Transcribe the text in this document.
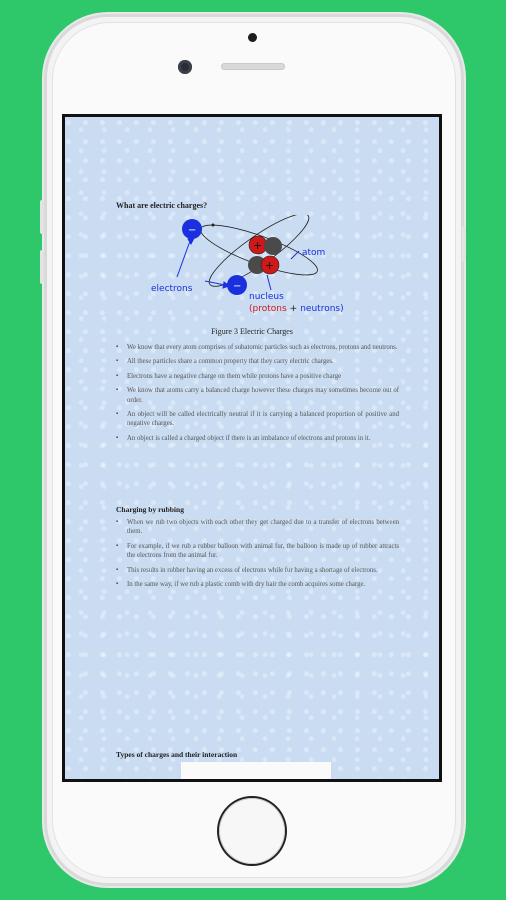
What are electric charges?
−
−
+
+
atom
electrons
nucleus
(protons + neutrons)
Figure 3 Electric Charges
▪ We know that every atom comprises of subatomic particles such as electrons, protons and neutrons.
▪ All these particles share a common property that they carry electric charges.
▪ Electrons have a negative charge on them while protons have a positive charge
▪ We know that atoms carry a balanced charge however these charges may sometimes become out of order.
▪ An object will be called electrically neutral if it is carrying a balanced proportion of positive and negative charges.
▪ An object is called a charged object if there is an imbalance of electrons and protons in it.
Charging by rubbing
▪ When we rub two objects with each other they get charged due to a transfer of electrons between them.
▪ For example, if we rub a rubber balloon with animal fur, the balloon is made up of rubber attracts the electrons from the animal fur.
▪ This results in rubber having an excess of electrons while fur having a shortage of electrons.
▪ In the same way, if we rub a plastic comb with dry hair the comb acquires some charge.
Types of charges and their interaction
